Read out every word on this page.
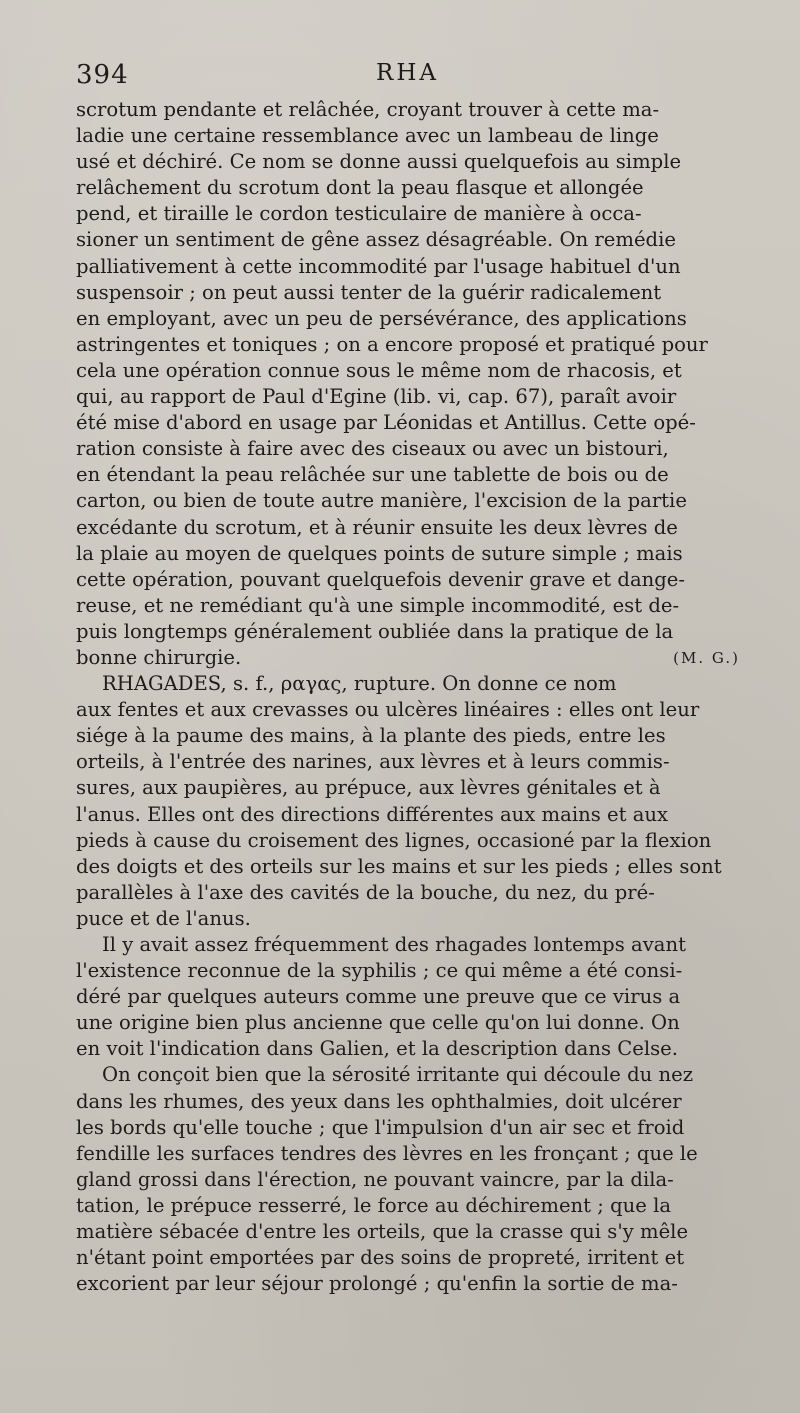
394	RHA
scrotum pendante et relâchée, croyant trouver à cette ma-
ladie une certaine ressemblance avec un lambeau de linge
usé et déchiré. Ce nom se donne aussi quelquefois au simple
relâchement du scrotum dont la peau flasque et allongée
pend, et tiraille le cordon testiculaire de manière à occa-
sioner un sentiment de gêne assez désagréable. On remédie
palliativement à cette incommodité par l'usage habituel d'un
suspensoir ; on peut aussi tenter de la guérir radicalement
en employant, avec un peu de persévérance, des applications
astringentes et toniques ; on a encore proposé et pratiqué pour
cela une opération connue sous le même nom de rhacosis, et
qui, au rapport de Paul d'Egine (lib. vi, cap. 67), paraît avoir
été mise d'abord en usage par Léonidas et Antillus. Cette opé-
ration consiste à faire avec des ciseaux ou avec un bistouri,
en étendant la peau relâchée sur une tablette de bois ou de
carton, ou bien de toute autre manière, l'excision de la partie
excédante du scrotum, et à réunir ensuite les deux lèvres de
la plaie au moyen de quelques points de suture simple ; mais
cette opération, pouvant quelquefois devenir grave et dange-
reuse, et ne remédiant qu'à une simple incommodité, est de-
puis longtemps généralement oubliée dans la pratique de la
bonne chirurgie.	(M. G.)
RHAGADES, s. f., ραγας, rupture. On donne ce nom
aux fentes et aux crevasses ou ulcères linéaires : elles ont leur
siége à la paume des mains, à la plante des pieds, entre les
orteils, à l'entrée des narines, aux lèvres et à leurs commis-
sures, aux paupières, au prépuce, aux lèvres génitales et à
l'anus. Elles ont des directions différentes aux mains et aux
pieds à cause du croisement des lignes, occasioné par la flexion
des doigts et des orteils sur les mains et sur les pieds ; elles sont
parallèles à l'axe des cavités de la bouche, du nez, du pré-
puce et de l'anus.
Il y avait assez fréquemment des rhagades lontemps avant
l'existence reconnue de la syphilis ; ce qui même a été consi-
déré par quelques auteurs comme une preuve que ce virus a
une origine bien plus ancienne que celle qu'on lui donne. On
en voit l'indication dans Galien, et la description dans Celse.
On conçoit bien que la sérosité irritante qui découle du nez
dans les rhumes, des yeux dans les ophthalmies, doit ulcérer
les bords qu'elle touche ; que l'impulsion d'un air sec et froid
fendille les surfaces tendres des lèvres en les fronçant ; que le
gland grossi dans l'érection, ne pouvant vaincre, par la dila-
tation, le prépuce resserré, le force au déchirement ; que la
matière sébacée d'entre les orteils, que la crasse qui s'y mêle
n'étant point emportées par des soins de propreté, irritent et
excorient par leur séjour prolongé ; qu'enfin la sortie de ma-
